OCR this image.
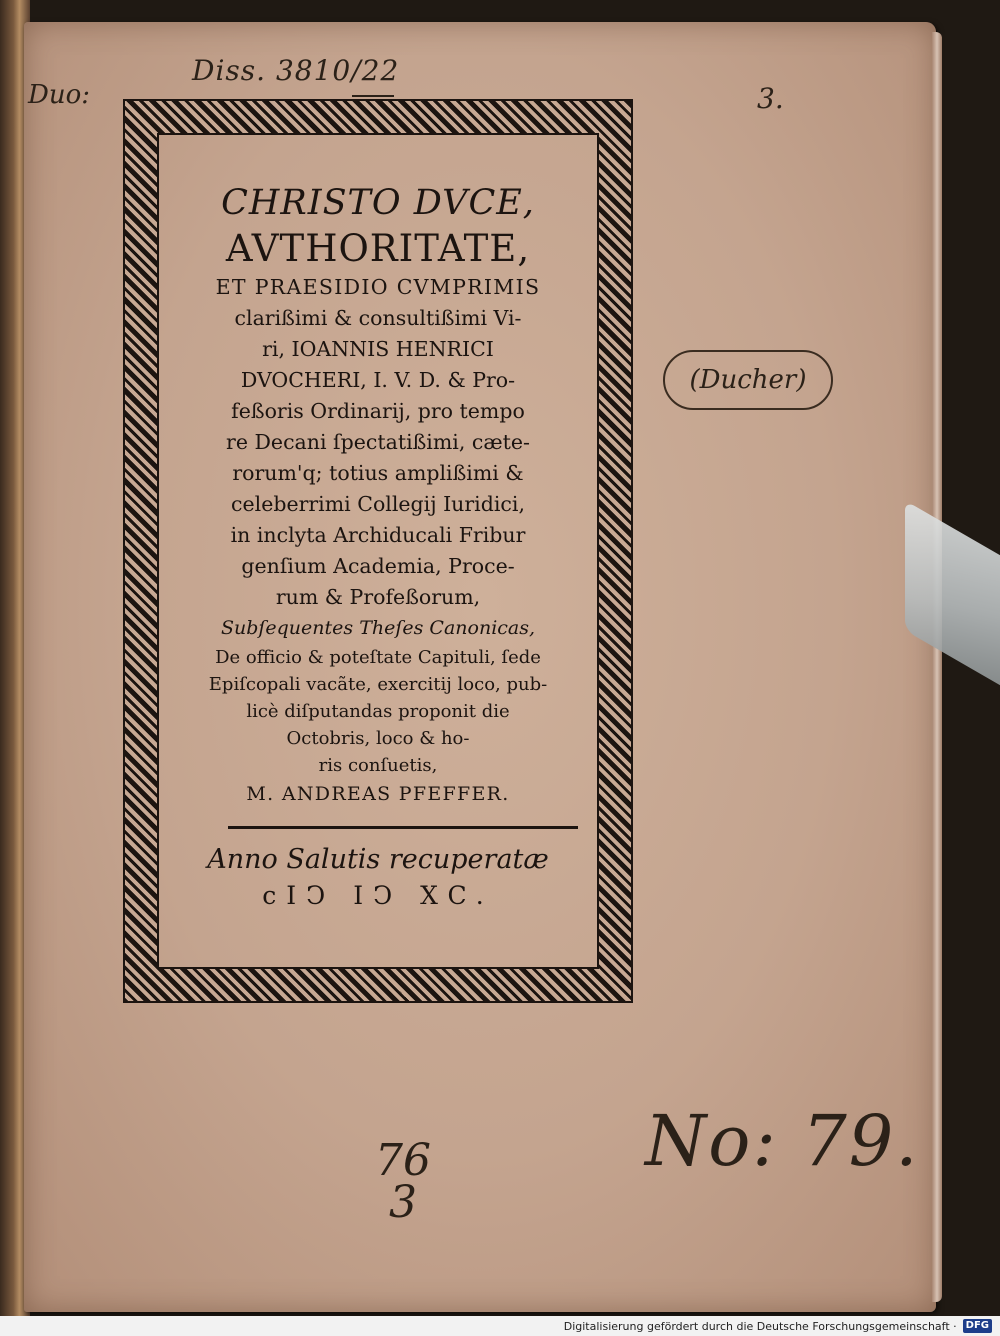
Duo:
Diss. 3810/22
3.
CHRISTO DVCE,
AVTHORITATE,
ET PRAESIDIO CVMPRIMIS
clarißimi & consultißimi Vi-
ri, IOANNIS HENRICI
DVOCHERI, I. V. D. & Pro-
feßoris Ordinarij, pro tempo
re Decani ſpectatißimi, cæte-
rorum'q; totius amplißimi &
celeberrimi Collegij Iuridici,
in inclyta Archiducali Fribur
genſium Academia, Proce-
rum & Profeßorum,
Subſequentes Theſes Canonicas,
De officio & poteſtate Capituli, ſede
Epiſcopali vacãte, exercitij loco, pub-
licè diſputandas proponit die
Octobris, loco & ho-
ris conſuetis,
M. ANDREAS PFEFFER.
Anno Salutis recuperatæ
cIↃ IↃ XC.
(Ducher)
76
3
No: 79.
Digitalisierung gefördert durch die Deutsche Forschungsgemeinschaft · DFG
